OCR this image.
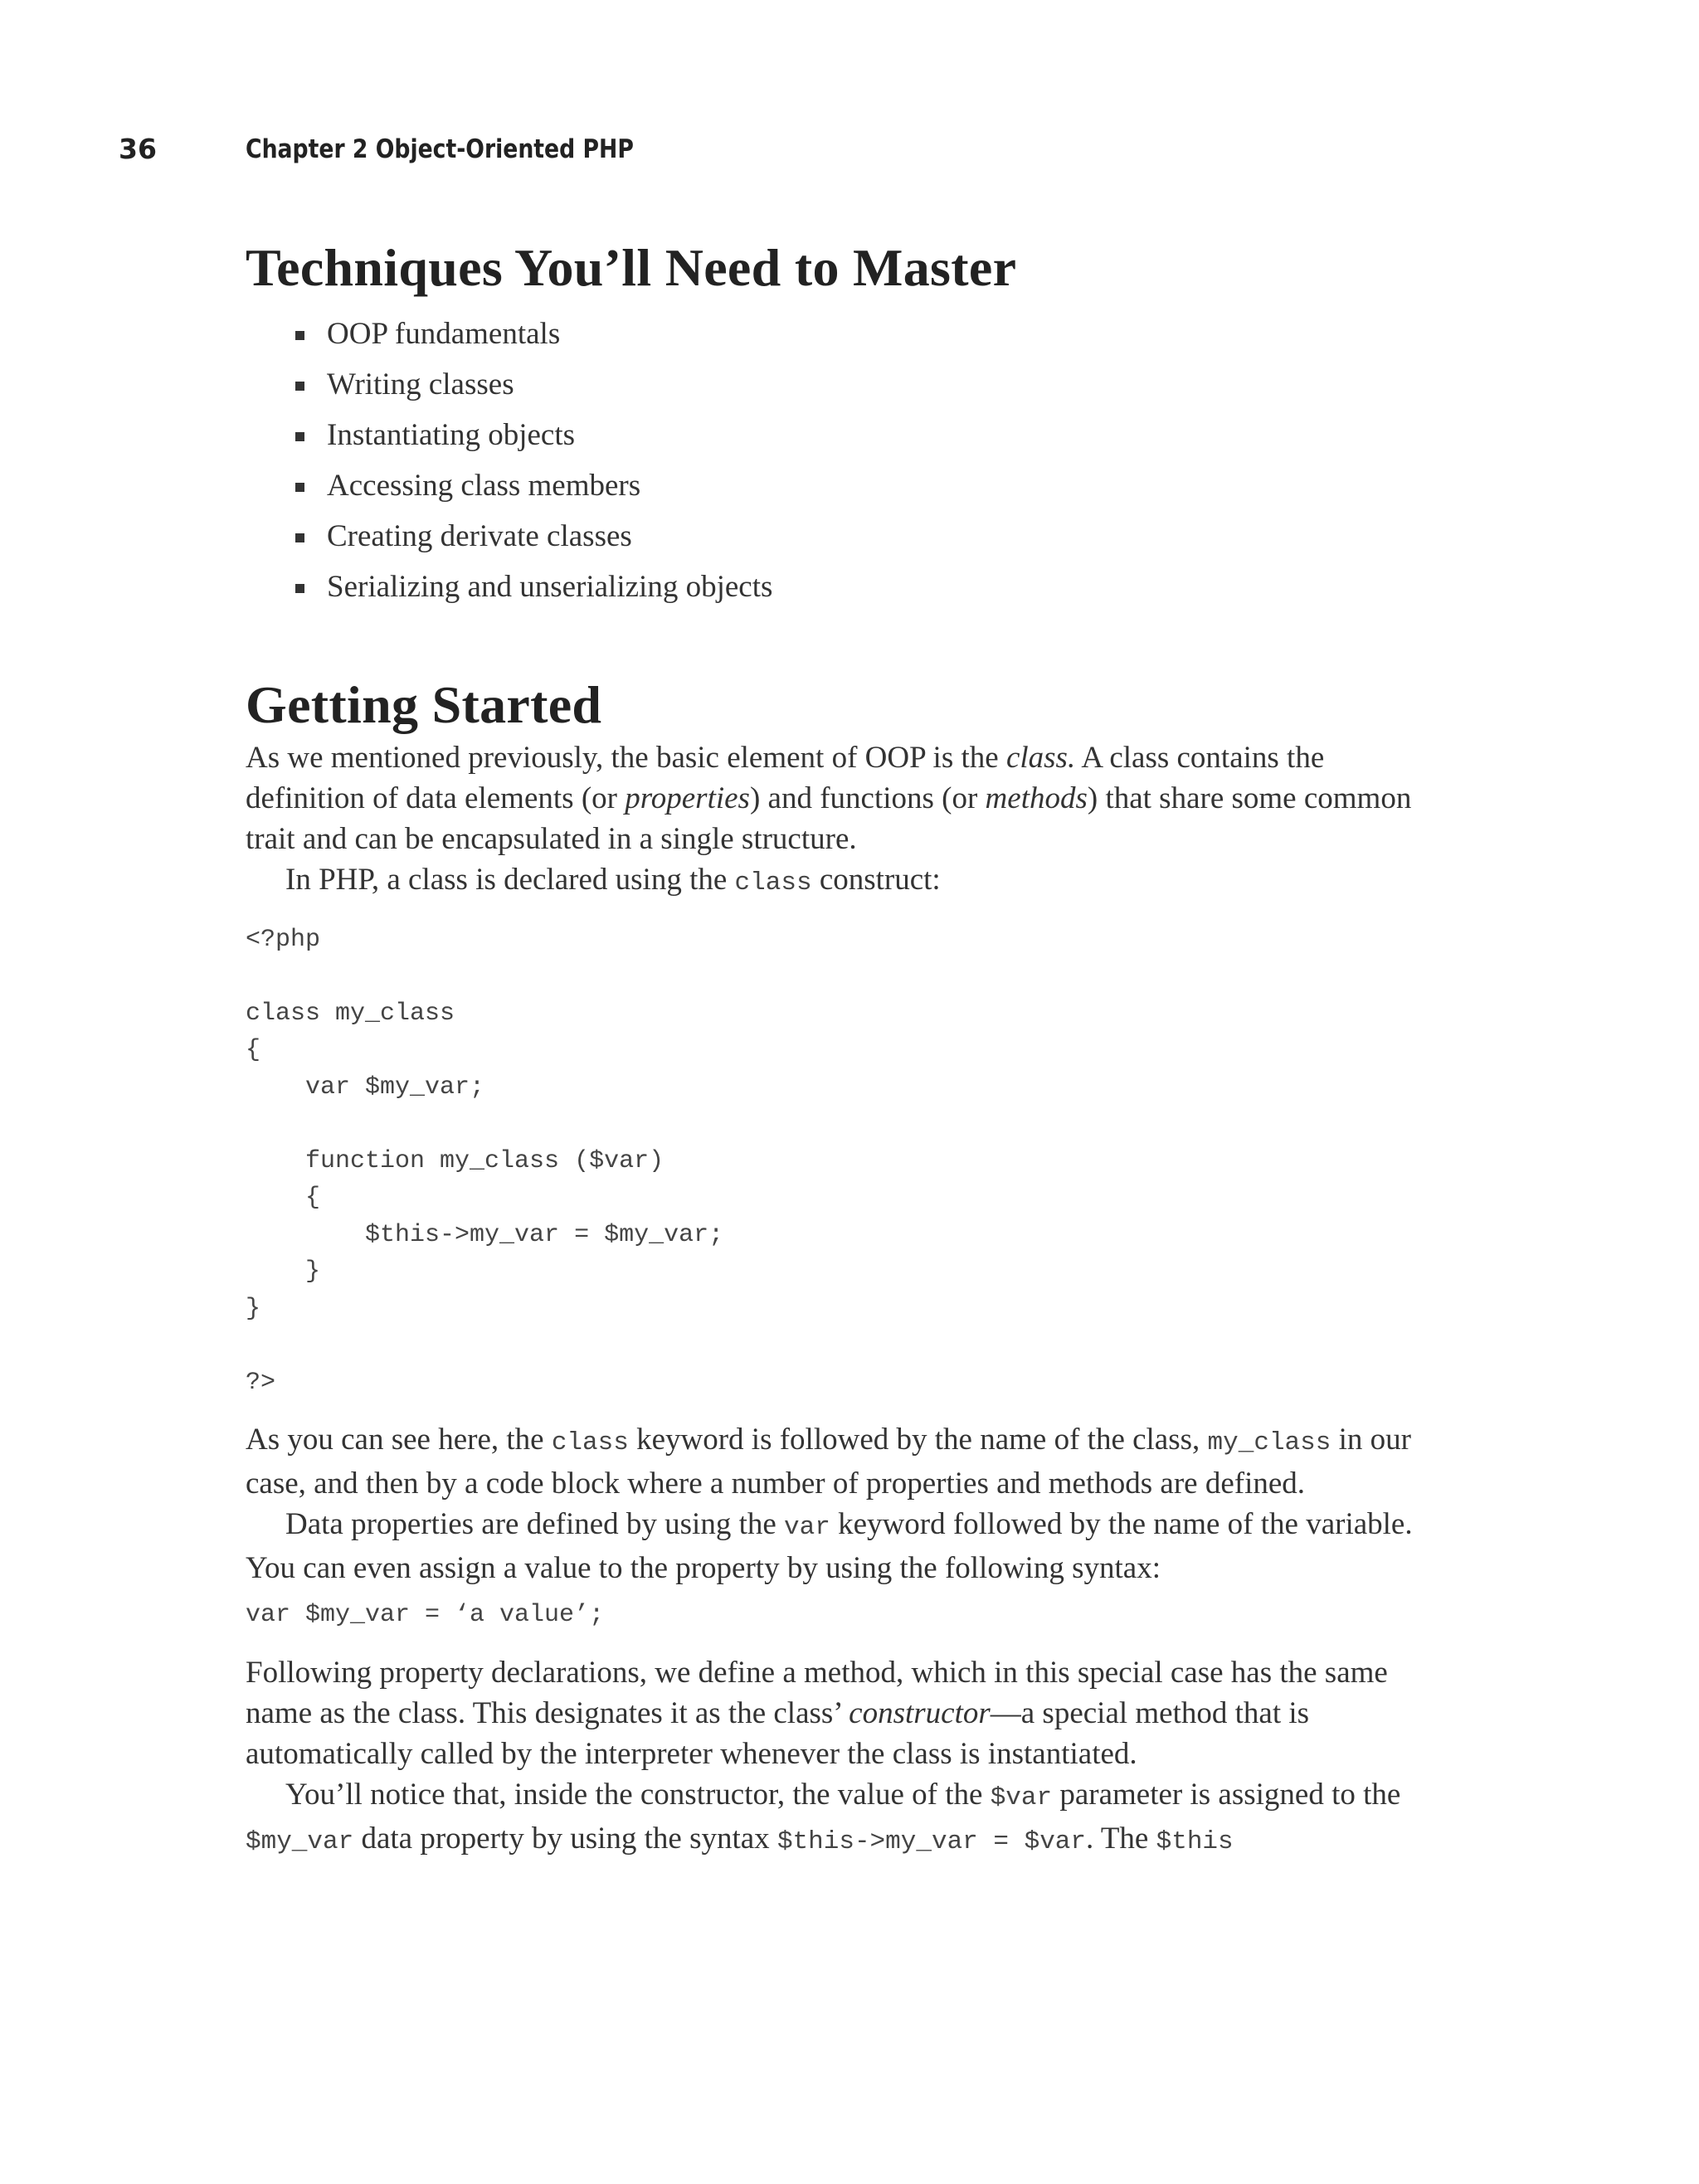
36	Chapter 2 Object-Oriented PHP
Techniques You’ll Need to Master
OOP fundamentals
Writing classes
Instantiating objects
Accessing class members
Creating derivate classes
Serializing and unserializing objects
Getting Started

As we mentioned previously, the basic element of OOP is the class. A class contains the definition of data elements (or properties) and functions (or methods) that share some common trait and can be encapsulated in a single structure.

In PHP, a class is declared using the class construct:

<?php

class my_class
{
var $my_var;

function my_class ($var)
{
$this->my_var = $my_var;
}
}

?>

As you can see here, the class keyword is followed by the name of the class, my_class in our case, and then by a code block where a number of properties and methods are defined.

Data properties are defined by using the var keyword followed by the name of the variable. You can even assign a value to the property by using the following syntax:

var $my_var = ‘a value’;

Following property declarations, we define a method, which in this special case has the same name as the class. This designates it as the class’ constructor—a special method that is automatically called by the interpreter whenever the class is instantiated.

You’ll notice that, inside the constructor, the value of the $var parameter is assigned to the $my_var data property by using the syntax $this->my_var = $var. The $this
